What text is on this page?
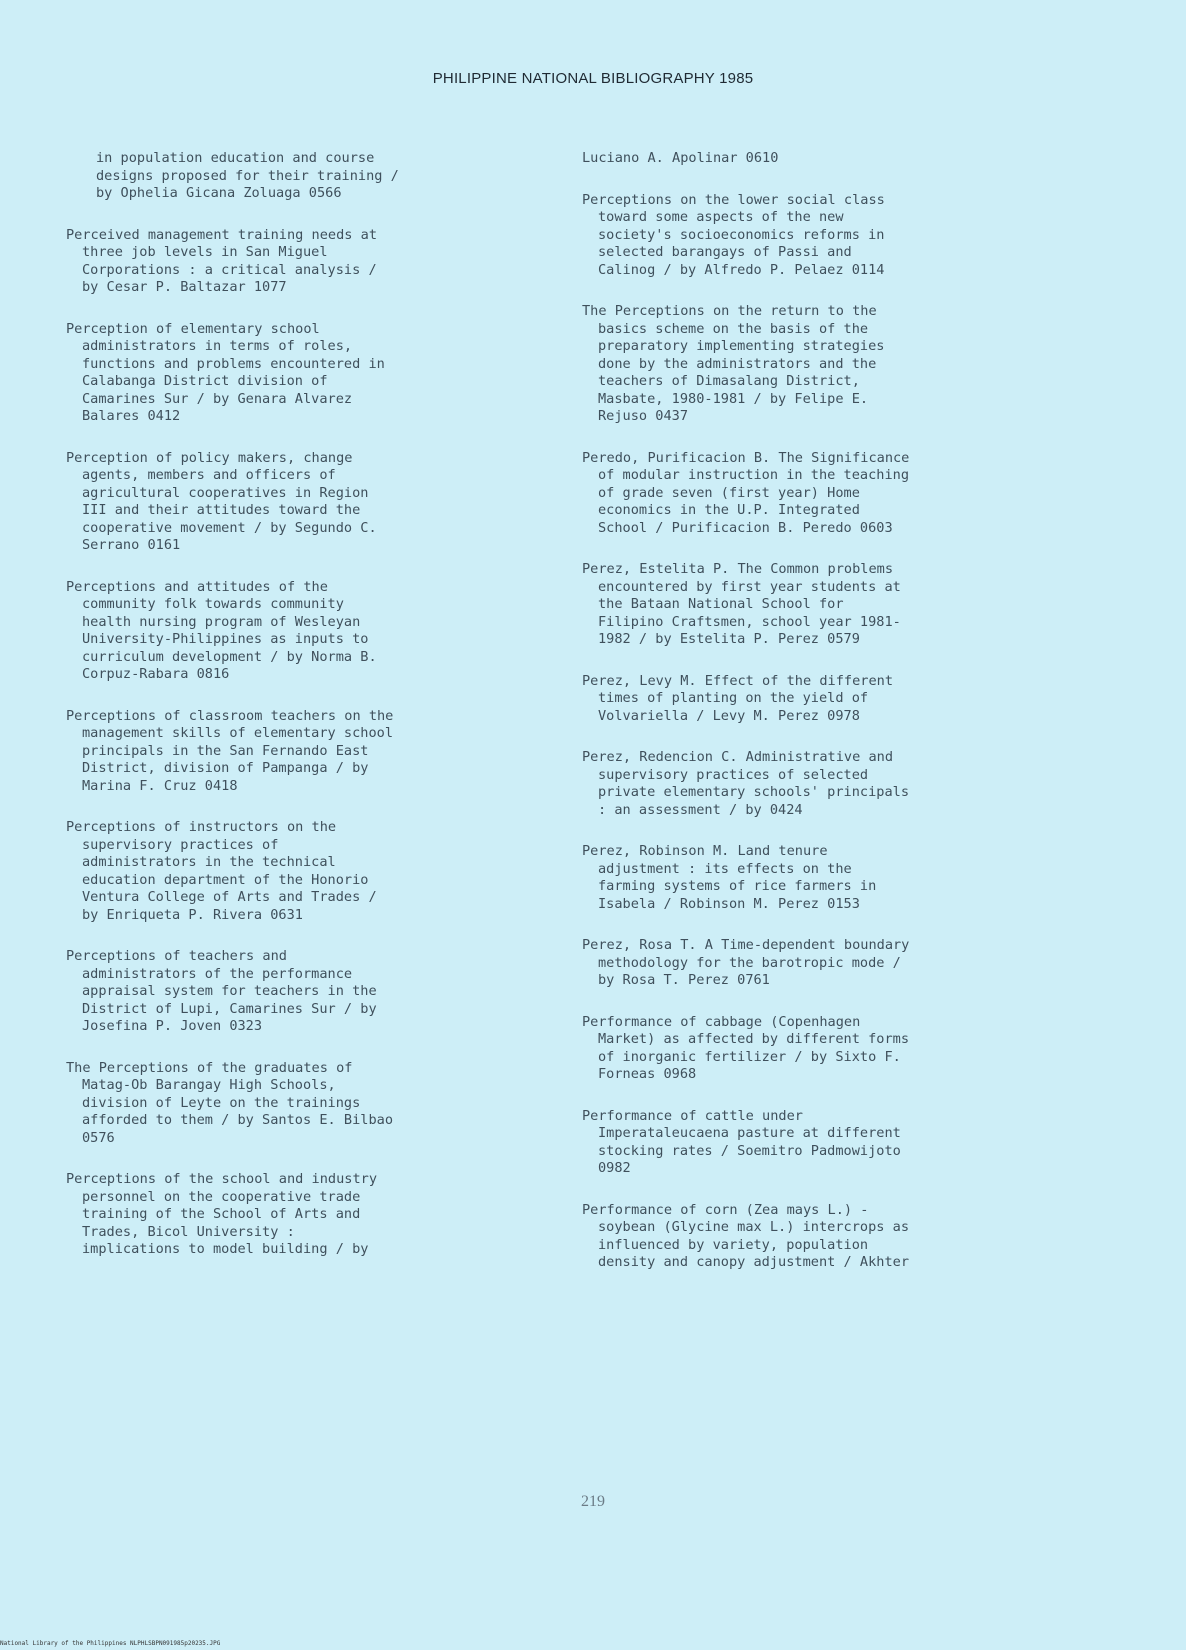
PHILIPPINE NATIONAL BIBLIOGRAPHY 1985
in population education and course
designs proposed for their training /
by Ophelia Gicana Zoluaga 0566
Perceived management training needs at
three job levels in San Miguel
Corporations : a critical analysis /
by Cesar P. Baltazar 1077
Perception of elementary school
administrators in terms of roles,
functions and problems encountered in
Calabanga District division of
Camarines Sur / by Genara Alvarez
Balares 0412
Perception of policy makers, change
agents, members and officers of
agricultural cooperatives in Region
III and their attitudes toward the
cooperative movement / by Segundo C.
Serrano 0161
Perceptions and attitudes of the
community folk towards community
health nursing program of Wesleyan
University-Philippines as inputs to
curriculum development / by Norma B.
Corpuz-Rabara 0816
Perceptions of classroom teachers on the
management skills of elementary school
principals in the San Fernando East
District, division of Pampanga / by
Marina F. Cruz 0418
Perceptions of instructors on the
supervisory practices of
administrators in the technical
education department of the Honorio
Ventura College of Arts and Trades /
by Enriqueta P. Rivera 0631
Perceptions of teachers and
administrators of the performance
appraisal system for teachers in the
District of Lupi, Camarines Sur / by
Josefina P. Joven 0323
The Perceptions of the graduates of
Matag-Ob Barangay High Schools,
division of Leyte on the trainings
afforded to them / by Santos E. Bilbao
0576
Perceptions of the school and industry
personnel on the cooperative trade
training of the School of Arts and
Trades, Bicol University :
implications to model building / by
Luciano A. Apolinar 0610
Perceptions on the lower social class
toward some aspects of the new
society's socioeconomics reforms in
selected barangays of Passi and
Calinog / by Alfredo P. Pelaez 0114
The Perceptions on the return to the
basics scheme on the basis of the
preparatory implementing strategies
done by the administrators and the
teachers of Dimasalang District,
Masbate, 1980-1981 / by Felipe E.
Rejuso 0437
Peredo, Purificacion B. The Significance
of modular instruction in the teaching
of grade seven (first year) Home
economics in the U.P. Integrated
School / Purificacion B. Peredo 0603
Perez, Estelita P. The Common problems
encountered by first year students at
the Bataan National School for
Filipino Craftsmen, school year 1981-
1982 / by Estelita P. Perez 0579
Perez, Levy M. Effect of the different
times of planting on the yield of
Volvariella / Levy M. Perez 0978
Perez, Redencion C. Administrative and
supervisory practices of selected
private elementary schools' principals
: an assessment / by 0424
Perez, Robinson M. Land tenure
adjustment : its effects on the
farming systems of rice farmers in
Isabela / Robinson M. Perez 0153
Perez, Rosa T. A Time-dependent boundary
methodology for the barotropic mode /
by Rosa T. Perez 0761
Performance of cabbage (Copenhagen
Market) as affected by different forms
of inorganic fertilizer / by Sixto F.
Forneas 0968
Performance of cattle under
Imperataleucaena pasture at different
stocking rates / Soemitro Padmowijoto
0982
Performance of corn (Zea mays L.) -
soybean (Glycine max L.) intercrops as
influenced by variety, population
density and canopy adjustment / Akhter
219
National Library of the Philippines NLPHLSBPN091985p20235.JPG
